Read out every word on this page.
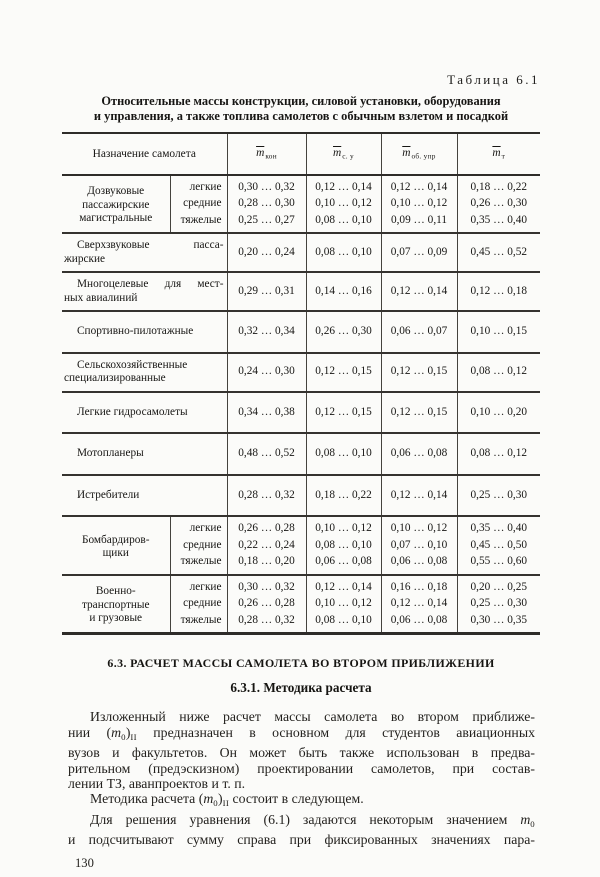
Таблица 6.1
Относительные массы конструкции, силовой установки, оборудования
и управления, а также топлива самолетов с обычным взлетом и посадкой
Назначение самолета		$\overline{m}_{кон}$	$\overline{m}_{с. у}$	$\overline{m}_{об. упр}$	$\overline{m}_т$

Дозвуковые
пассажирские
магистральные	легкие	0,30 … 0,32	0,12 … 0,14	0,12 … 0,14	0,18 … 0,22
	средние	0,28 … 0,30	0,10 … 0,12	0,10 … 0,12	0,26 … 0,30
	тяжелые	0,25 … 0,27	0,08 … 0,10	0,09 … 0,11	0,35 … 0,40

Сверхзвуковые пасса-
жирские		0,20 … 0,24	0,08 … 0,10	0,07 … 0,09	0,45 … 0,52

Многоцелевые для мест-
ных авиалиний		0,29 … 0,31	0,14 … 0,16	0,12 … 0,14	0,12 … 0,18

Спортивно-пилотажные		0,32 … 0,34	0,26 … 0,30	0,06 … 0,07	0,10 … 0,15

Сельскохозяйственные
специализированные		0,24 … 0,30	0,12 … 0,15	0,12 … 0,15	0,08 … 0,12

Легкие гидросамолеты		0,34 … 0,38	0,12 … 0,15	0,12 … 0,15	0,10 … 0,20

Мотопланеры		0,48 … 0,52	0,08 … 0,10	0,06 … 0,08	0,08 … 0,12

Истребители		0,28 … 0,32	0,18 … 0,22	0,12 … 0,14	0,25 … 0,30

Бомбардиров-
щики	легкие	0,26 … 0,28	0,10 … 0,12	0,10 … 0,12	0,35 … 0,40
	средние	0,22 … 0,24	0,08 … 0,10	0,07 … 0,10	0,45 … 0,50
	тяжелые	0,18 … 0,20	0,06 … 0,08	0,06 … 0,08	0,55 … 0,60

Военно-
транспортные
и грузовые	легкие	0,30 … 0,32	0,12 … 0,14	0,16 … 0,18	0,20 … 0,25
	средние	0,26 … 0,28	0,10 … 0,12	0,12 … 0,14	0,25 … 0,30
	тяжелые	0,28 … 0,32	0,08 … 0,10	0,06 … 0,08	0,30 … 0,35
6.3. РАСЧЕТ МАССЫ САМОЛЕТА ВО ВТОРОМ ПРИБЛИЖЕНИИ
6.3.1. Методика расчета
Изложенный ниже расчет массы самолета во втором приближе-
нии $(m_0)_{II}$ предназначен в основном для студентов авиационных
вузов и факультетов. Он может быть также использован в предва-
рительном (предэскизном) проектировании самолетов, при состав-
лении ТЗ, аванпроектов и т. п.
Методика расчета $(m_0)_{II}$ состоит в следующем.
Для решения уравнения (6.1) задаются некоторым значением $m_0$
и подсчитывают сумму справа при фиксированных значениях пара-
130
